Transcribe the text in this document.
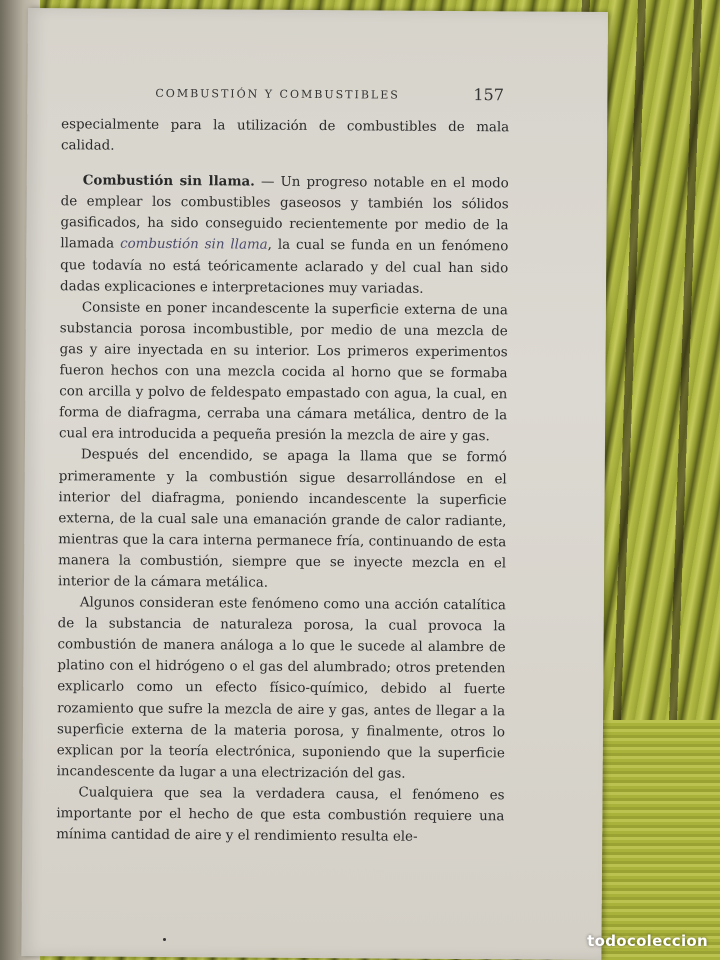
COMBUSTIÓN Y COMBUSTIBLES	157

especialmente para la utilización de combustibles de mala calidad.

Combustión sin llama. — Un progreso notable en el modo de emplear los combustibles gaseosos y también los sólidos gasificados, ha sido conseguido recientemente por medio de la llamada combustión sin llama, la cual se funda en un fenómeno que todavía no está teóricamente aclarado y del cual han sido dadas explicaciones e interpretaciones muy variadas.

Consiste en poner incandescente la superficie externa de una substancia porosa incombustible, por medio de una mezcla de gas y aire inyectada en su interior. Los primeros experimentos fueron hechos con una mezcla cocida al horno que se formaba con arcilla y polvo de feldespato empastado con agua, la cual, en forma de diafragma, cerraba una cámara metálica, dentro de la cual era introducida a pequeña presión la mezcla de aire y gas.

Después del encendido, se apaga la llama que se formó primeramente y la combustión sigue desarrollándose en el interior del diafragma, poniendo incandescente la superficie externa, de la cual sale una emanación grande de calor radiante, mientras que la cara interna permanece fría, continuando de esta manera la combustión, siempre que se inyecte mezcla en el interior de la cámara metálica.

Algunos consideran este fenómeno como una acción catalítica de la substancia de naturaleza porosa, la cual provoca la combustión de manera análoga a lo que le sucede al alambre de platino con el hidrógeno o el gas del alumbrado; otros pretenden explicarlo como un efecto físico-químico, debido al fuerte rozamiento que sufre la mezcla de aire y gas, antes de llegar a la superficie externa de la materia porosa, y finalmente, otros lo explican por la teoría electrónica, suponiendo que la superficie incandescente da lugar a una electrización del gas.

Cualquiera que sea la verdadera causa, el fenómeno es importante por el hecho de que esta combustión requiere una mínima cantidad de aire y el rendimiento resulta ele-

todocoleccion
